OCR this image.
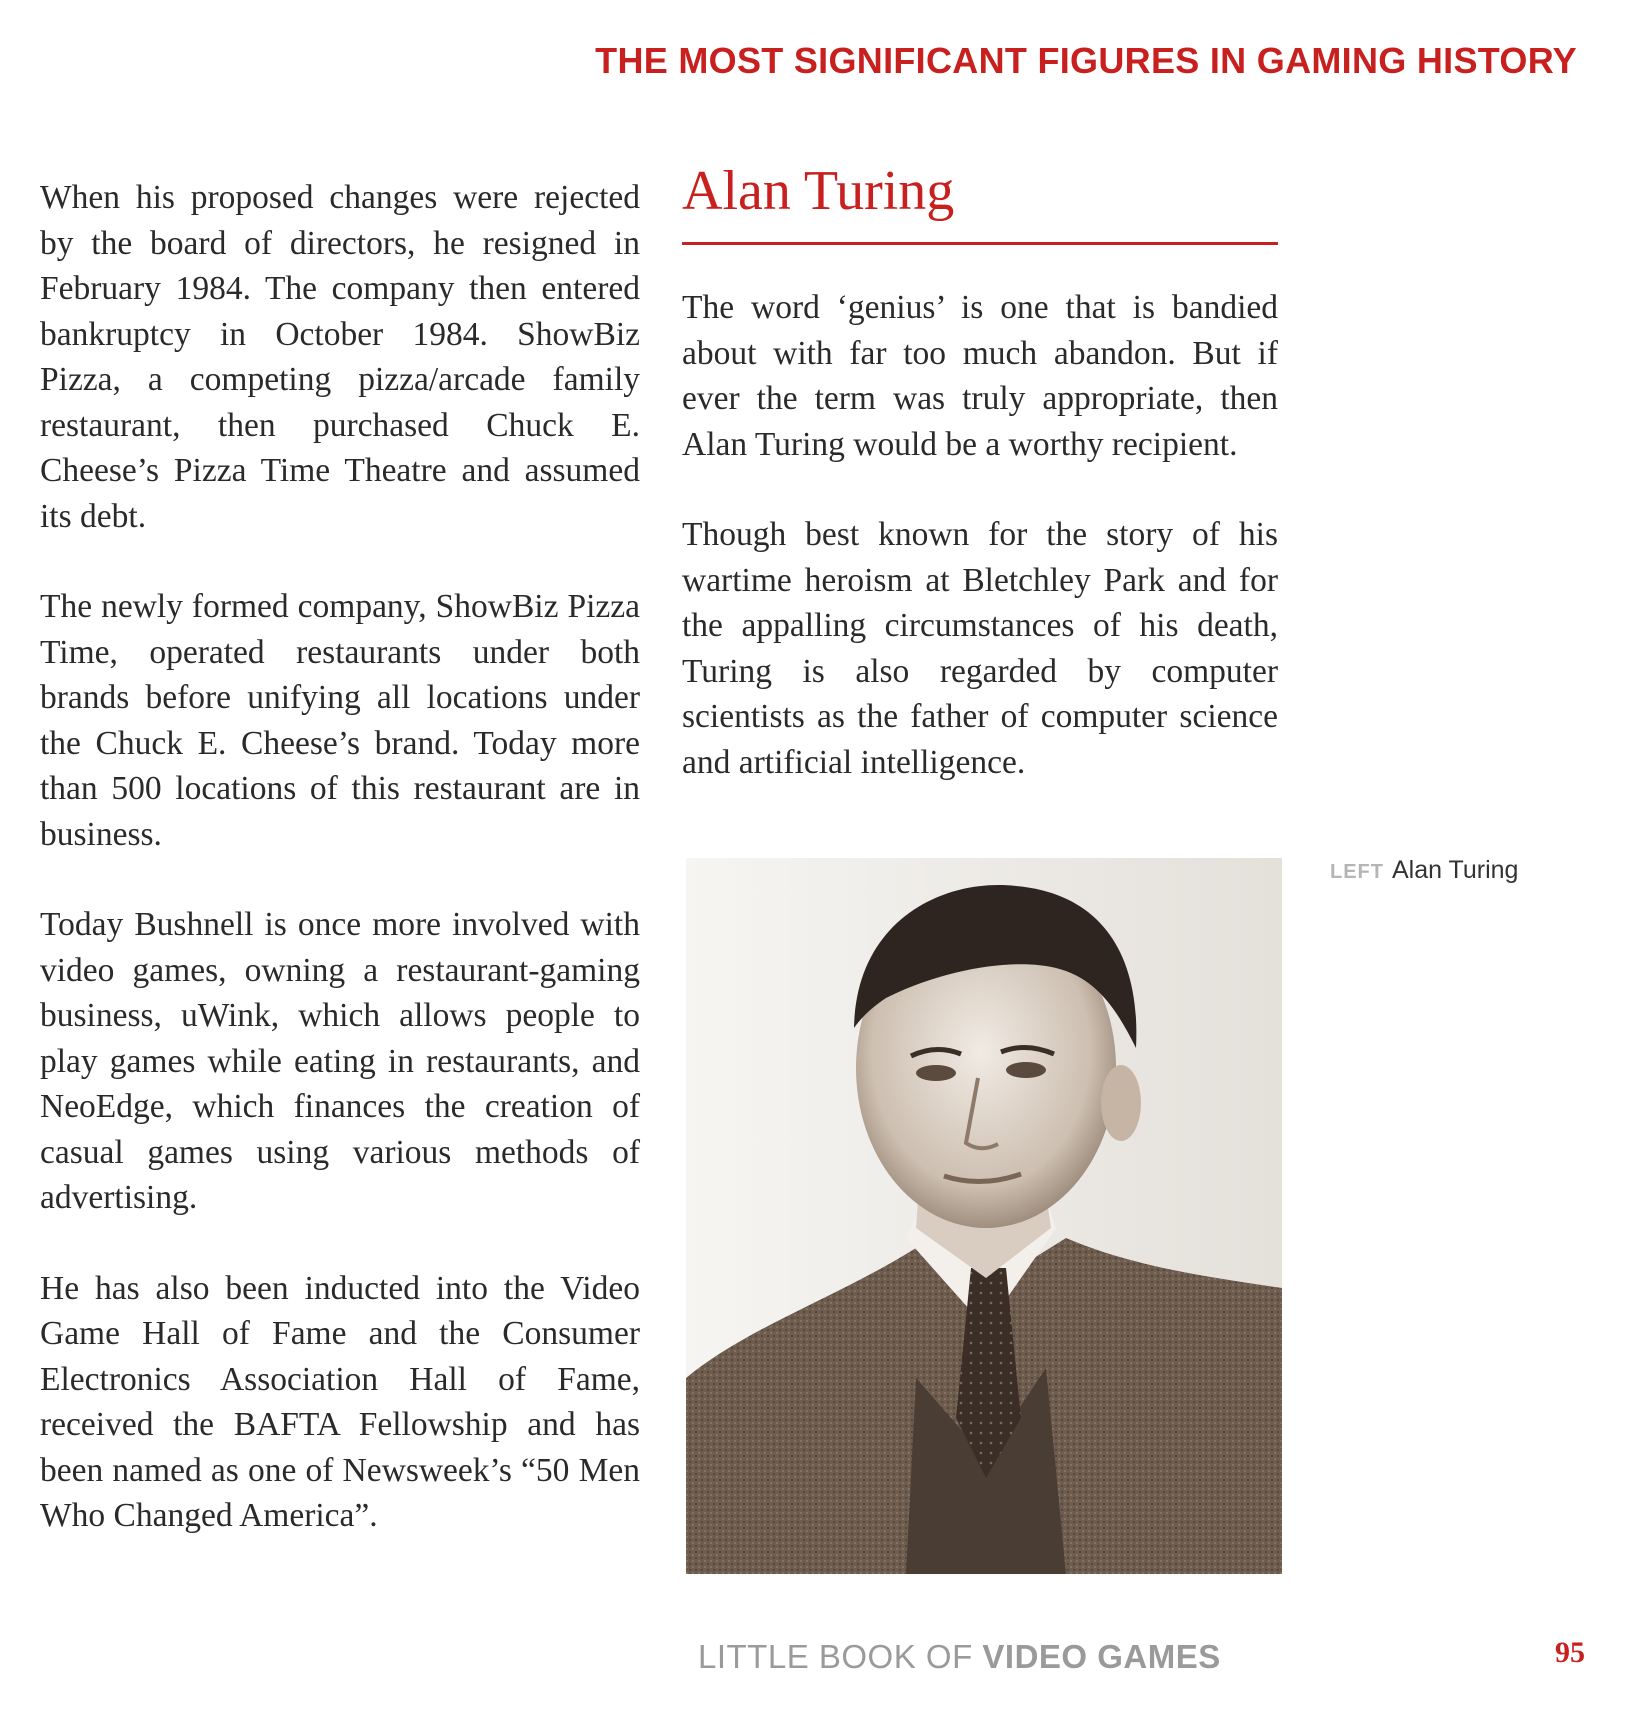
THE MOST SIGNIFICANT FIGURES IN GAMING HISTORY

When his proposed changes were rejected by the board of directors, he resigned in February 1984. The company then entered bankruptcy in October 1984. ShowBiz Pizza, a competing pizza/arcade family restaurant, then purchased Chuck E. Cheese’s Pizza Time Theatre and assumed its debt.

The newly formed company, ShowBiz Pizza Time, operated restaurants under both brands before unifying all locations under the Chuck E. Cheese’s brand. Today more than 500 locations of this restaurant are in business.

Today Bushnell is once more involved with video games, owning a restaurant-gaming business, uWink, which allows people to play games while eating in restaurants, and NeoEdge, which finances the creation of casual games using various methods of advertising.

He has also been inducted into the Video Game Hall of Fame and the Consumer Electronics Association Hall of Fame, received the BAFTA Fellowship and has been named as one of Newsweek’s “50 Men Who Changed America”.

Alan Turing

The word ‘genius’ is one that is bandied about with far too much abandon. But if ever the term was truly appropriate, then Alan Turing would be a worthy recipient.

Though best known for the story of his wartime heroism at Bletchley Park and for the appalling circumstances of his death, Turing is also regarded by computer scientists as the father of computer science and artificial intelligence.

LEFT Alan Turing
LITTLE BOOK OF VIDEO GAMES	95
